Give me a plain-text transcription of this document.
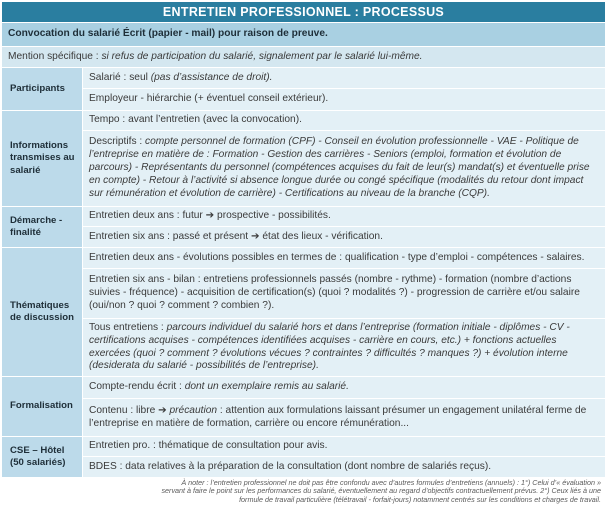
ENTRETIEN PROFESSIONNEL : PROCESSUS
Convocation du salarié Écrit (papier - mail) pour raison de preuve.
Mention spécifique : si refus de participation du salarié, signalement par le salarié lui-même.
Participants
Salarié : seul (pas d’assistance de droit).
Employeur - hiérarchie (+ éventuel conseil extérieur).
Informations transmises au salarié
Tempo : avant l’entretien (avec la convocation).
Descriptifs : compte personnel de formation (CPF) - Conseil en évolution professionnelle - VAE - Politique de l’entreprise en matière de : Formation - Gestion des carrières - Seniors (emploi, formation et évolution de parcours) - Représentants du personnel (compétences acquises du fait de leur(s) mandat(s) et éventuelle prise en compte) - Retour à l’activité si absence longue durée ou congé spécifique (modalités du retour dont impact sur rémunération et évolution de carrière) - Certifications au niveau de la branche (CQP).
Démarche - finalité
Entretien deux ans : futur ➔ prospective - possibilités.
Entretien six ans : passé et présent ➔ état des lieux - vérification.
Thématiques de discussion
Entretien deux ans - évolutions possibles en termes de : qualification - type d’emploi - compétences - salaires.
Entretien six ans - bilan : entretiens professionnels passés (nombre - rythme) - formation (nombre d’actions suivies - fréquence) - acquisition de certification(s) (quoi ? modalités ?) - progression de carrière et/ou salaire (oui/non ? quoi ? comment ? combien ?).
Tous entretiens : parcours individuel du salarié hors et dans l’entreprise (formation initiale - diplômes - CV - certifications acquises - compétences identifiées acquises - carrière en cours, etc.) + fonctions actuelles exercées (quoi ? comment ? évolutions vécues ? contraintes ? difficultés ? manques ?) + évolution interne (desiderata du salarié - possibilités de l’entreprise).
Formalisation
Compte-rendu écrit : dont un exemplaire remis au salarié.
Contenu : libre ➔ précaution : attention aux formulations laissant présumer un engagement unilatéral ferme de l’entreprise en matière de formation, carrière ou encore rémunération...
CSE – Hôtel (50 salariés)
Entretien pro. : thématique de consultation pour avis.
BDES : data relatives à la préparation de la consultation (dont nombre de salariés reçus).
À noter : l’entretien professionnel ne doit pas être confondu avec d’autres formules d’entretiens (annuels) : 1°) Celui d’« évaluation » servant à faire le point sur les performances du salarié, éventuellement au regard d’objectifs contractuellement prévus. 2°) Ceux liés à une formule de travail particulière (télétravail - forfait-jours) notamment centrés sur les conditions et charges de travail.
